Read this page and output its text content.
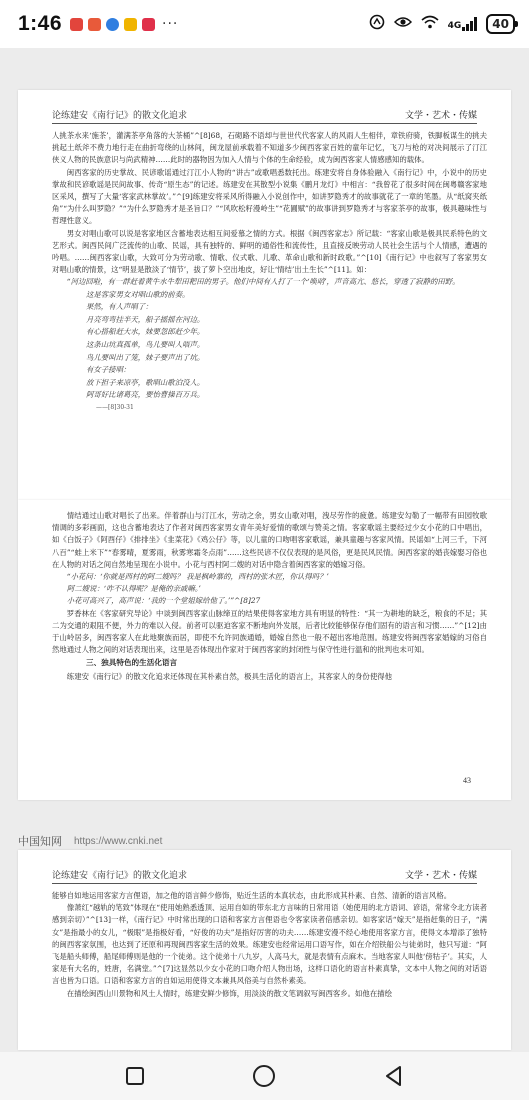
1:46	···	4G	40
论练建安《南行记》的散文化追求	文学・艺术・传媒

人挑茶水来‘施茶’，灌满茶亭角落的大茶桶”^[8]68，石砌路不语却与世世代代客家人的风雨人生相伴，章铁府骑，铁脚板谋生的挑夫挑起土纸斧不费力地行走在曲折弯绕的山林间，闽龙屋前承载着不知道多少闽西客家百姓的童年记忆，飞刀与枪的对决间展示了汀江侠义人物的民族意识与尚武精神……此时的器物因为加入人情与个体的生命经验，成为闽西客家人情感感知的载体。

闽西客家的历史掌故、民谚歌谣通过汀江小人物的“讲古”或歌唱悉数托出。练建安将自身体验融入《南行记》中，小说中的历史掌故和民谚歌谣是民间故事、传奇“原生态”的记述。练建安在其散型小说集《鹏月龙灯》中相言：“我曾花了很多时间在闽粤赣客家地区采风，撰写了大量‘客家武林掌故’。”^[9]练建安将采风所得融入小说创作中，如讲罗隐秀才的故事就花了一章的笔墨。从“纸窝夹纸角”“为什么叫罗隐？”“为什么罗隐秀才是圣旨口？”“风吹松籽漫岭生”“花圃赋”的故事讲到罗隐秀才与客家茶亭的故事，极具趣味性与哲理性意义。

男女对唱山歌可以说是客家地区含蓄地表达相互间爱慕之情的方式。根据《闽西客家志》所记载：“客家山歌是极具民系特色的文艺形式。闽西民间广泛流传的山歌、民谣，具有独特的、鲜明的通俗性和流传性，且直接反映劳动人民社会生活与个人情感，遭遇的吟唱。……闽西客家山歌，大致可分为劳动歌、情歌、仪式歌、儿歌、革命山歌和新时政歌。”^[10]《南行记》中也叙写了客家男女对唱山歌的情景，这“明显是散淡了‘情节’，拔了萝卜空出地皮，好让‘情结’出土生长”^[11]。如：

“河边回啦，有一群赶着黄牛水牛犁田粑田的男子。他们中间有人打了一个‘唤哨’，声音高亢、悠长，穿透了寂静的田野。

这是客家男女对唱山歌的前奏。
果然，有人声唱了：
月亮弯弯挂半天，船子摇摇在河边。
有心搭船赶大水，妹要忽郎赶少年。
这条山坑真孤单，鸟儿要叫人唔声。
鸟儿要叫出了笼，妹子要声出了坑。
有女子接唱：
放下担子来凉亭，歌唱山歌泊没人。
阿哥好比诸葛亮，要怡曹操百万兵。
——[8]30-31

情结通过山歌对唱长了出来。伴着群山与汀江水，劳动之余，男女山歌对唱，洩尽劳作的疲惫。练建安勾勒了一幅带有田园牧歌情调的多彩画面，这也含蓄地表达了作者对闽西客家男女青年美好爱情的歌颂与赞美之情。客家歌谣主要经过少女小花的口中唱出，如《白饭子》《阿酉仔》《排排坐》《韭菜花》《鸡公仔》等，以儿童的口吻唱客家歌谣，兼具童趣与客家风情。民谣如“上河三千，下河八百”“蛙上米下”“春雾晴，夏雾雨，秋雾寒霜冬点雨”……这些民谚不仅仅表现的是风俗，更是民风民情。闽西客家的婚丧嫁娶习俗也在人物的对话之间自然地呈现在小说中。小花与西村阿二嫂的对话中隐含着闽西客家的婚嫁习俗。

“小花问：‘你就是西村的阿二嫂吗？ 我是枫岭寨的，西村的张木匠，你认得吗？’

阿二嫂说：‘咋不认得呢？是俺的亲戚嘛。’

小花可高兴了，高声说：‘我的一个堂姐嫁给他了。’”^[8]27

罗香林在《客家研究导论》中谈到闽西客家山脉缔亘的结果使得客家地方具有明显的特性：“其一为耕地的缺乏，粮食的不足；其二为交通的艰阻不便，外力的难以入侵。前者可以驱迫客家不断地向外发展，后者比较能够保存他们固有的语言和习惯……”^[12]由于山岭居多，闽西客家人在此地聚族而居，即使不允许同族通婚，婚嫁自然也一般不超出客地范围。练建安将闽西客家婚嫁的习俗自然地通过人物之间的对话表现出来，这里是否体现出作家对于闽西客家的封闭性与保守性进行温和的批判也未可知。

三、独具特色的生活化语言

练建安《南行记》的散文化追求还体现在其朴素自然，极具生活化的语言上，其客家人的身份使得他

43
中国知网 https://www.cnki.net
论练建安《南行记》的散文化追求	文学・艺术・传媒

能够自如地运用客家方言俚语，加之他的语言鲜少修饰，贴近生活的本真状态，由此形成其朴素、自然、清新的语言风格。

像萧红“越轨的笔致”体现在“使用她熟悉透顶、运用自如的带东北方言味的日常用语（她使用的北方语词、谚语，常常令北方读者感到亲切）”^[13]一样，《南行记》中时常出现的口语和客家方言俚语也令客家读者倍感亲切。如客家话“嫁天”是指赶集的日子，“满女”是指最小的女儿，“极眼”是指极好看，“好俊的功夫”是指好厉害的功夫……练建安漫不经心地使用客家方言，使得文本增添了独特的闽西客家氛围，也达到了还原和再现闽西客家生活的效果。练建安也经常运用口语写作，如在介绍铁船公与徒弟时，他只写道：“阿飞是船头师傅，船尾师傅则是他的一个徒弟。这个徒弟十八九岁，人高马大，就是表情有点麻木。当地客家人叫他‘傍牯子’。其实，人家是有大名的，姓唐，名满堂。”^[7]这显然以少女小花的口吻介绍人物出场，这样口语化的语言朴素真挚，文本中人物之间的对话语言也皆为口语。口语和客家方言的自如运用使得文本兼具风俗美与自然朴素美。

在描绘闽西山川景物和风土人情时，练建安鲜少修饰，用淡淡的散文笔调叙写闽西客乡。如他在描绘
